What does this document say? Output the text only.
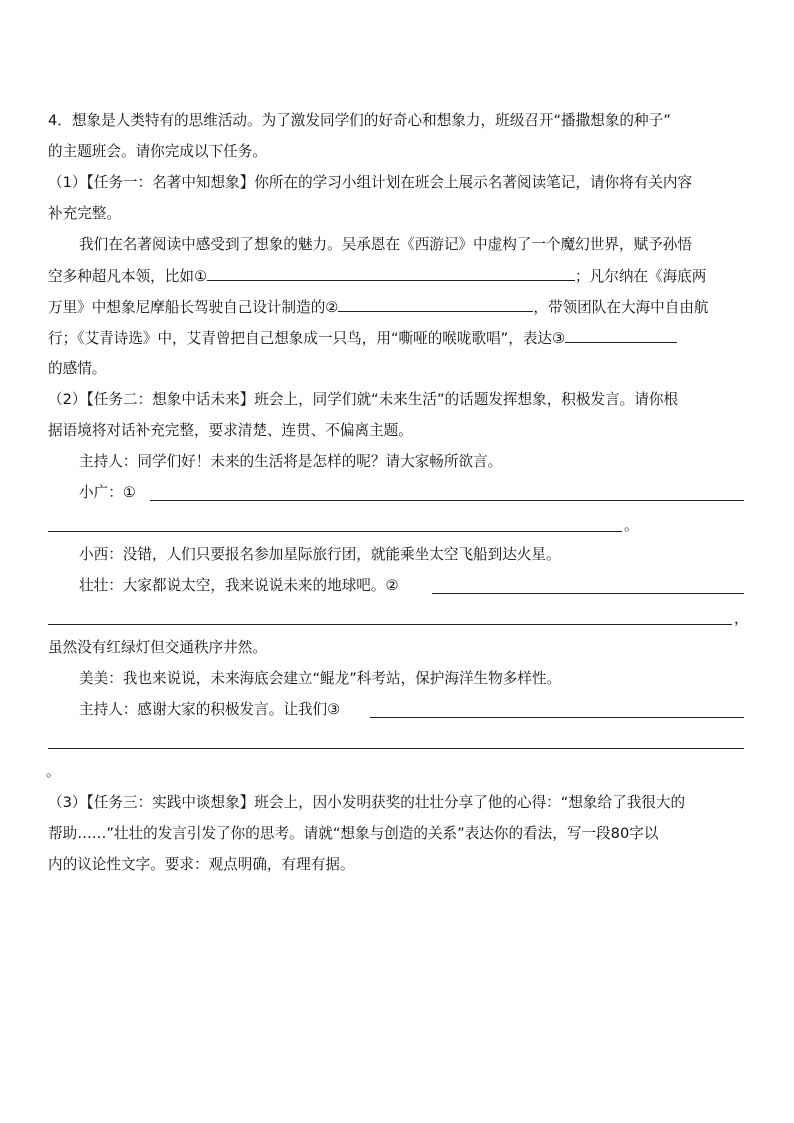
4．想象是人类特有的思维活动。为了激发同学们的好奇心和想象力，班级召开“播撒想象的种子”
的主题班会。请你完成以下任务。
（1）【任务一：名著中知想象】你所在的学习小组计划在班会上展示名著阅读笔记，请你将有关内容
补充完整。
我们在名著阅读中感受到了想象的魅力。吴承恩在《西游记》中虚构了一个魔幻世界，赋予孙悟
空多种超凡本领，比如①	；凡尔纳在《海底两
万里》中想象尼摩船长驾驶自己设计制造的②	，带领团队在大海中自由航
行；《艾青诗选》中，艾青曾把自己想象成一只鸟，用“嘶哑的喉咙歌唱”，表达③
的感情。
（2）【任务二：想象中话未来】班会上，同学们就“未来生活”的话题发挥想象，积极发言。请你根
据语境将对话补充完整，要求清楚、连贯、不偏离主题。
主持人：同学们好！未来的生活将是怎样的呢？请大家畅所欲言。
小广：①
。
小西：没错，人们只要报名参加星际旅行团，就能乘坐太空飞船到达火星。
壮壮：大家都说太空，我来说说未来的地球吧。②
，
虽然没有红绿灯但交通秩序井然。
美美：我也来说说，未来海底会建立“鲲龙”科考站，保护海洋生物多样性。
主持人：感谢大家的积极发言。让我们③
。
（3）【任务三：实践中谈想象】班会上，因小发明获奖的壮壮分享了他的心得：“想象给了我很大的
帮助……”壮壮的发言引发了你的思考。请就“想象与创造的关系”表达你的看法，写一段80字以
内的议论性文字。要求：观点明确，有理有据。
